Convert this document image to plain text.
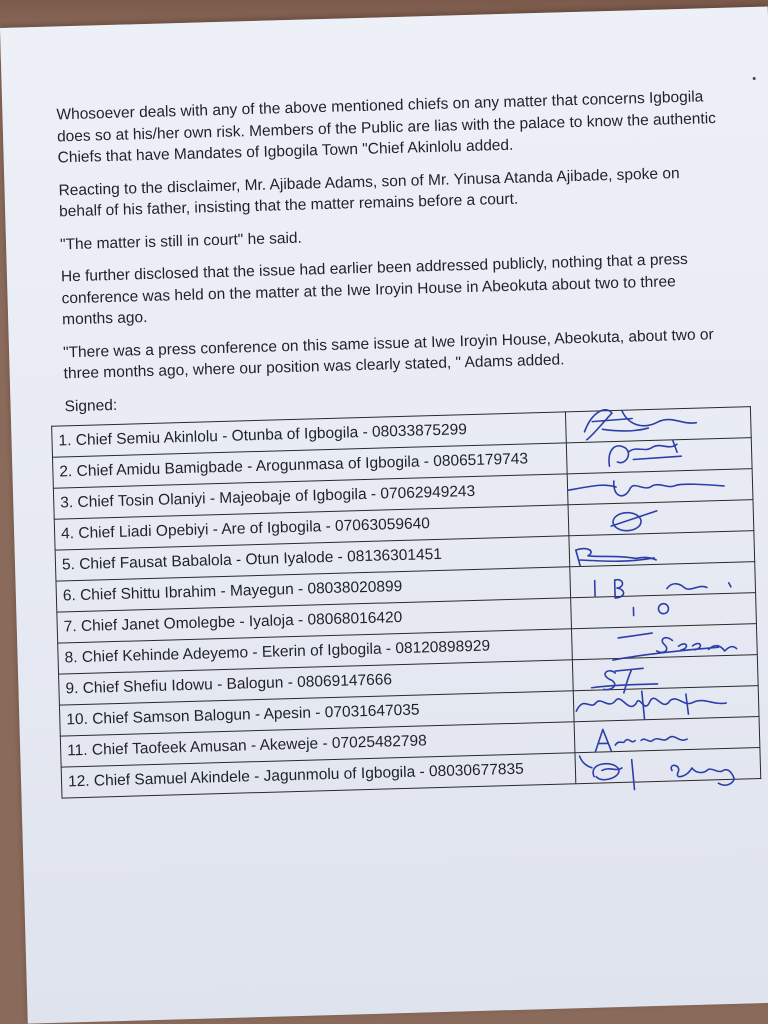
Whosoever deals with any of the above mentioned chiefs on any matter that concerns Igbogila does so at his/her own risk. Members of the Public are lias with the palace to know the authentic Chiefs that have Mandates of Igbogila Town "Chief Akinlolu added.

Reacting to the disclaimer, Mr. Ajibade Adams, son of Mr. Yinusa Atanda Ajibade, spoke on behalf of his father, insisting that the matter remains before a court.

"The matter is still in court" he said.

He further disclosed that the issue had earlier been addressed publicly, nothing that a press conference was held on the matter at the Iwe Iroyin House in Abeokuta about two to three months ago.

"There was a press conference on this same issue at Iwe Iroyin House, Abeokuta, about two or three months ago, where our position was clearly stated, " Adams added.

Signed:
1. Chief Semiu Akinlolu - Otunba of Igbogila - 08033875299	

2. Chief Amidu Bamigbade - Arogunmasa of Igbogila - 08065179743	

3. Chief Tosin Olaniyi - Majeobaje of Igbogila - 07062949243	

4. Chief Liadi Opebiyi - Are of Igbogila - 07063059640	

5. Chief Fausat Babalola - Otun Iyalode - 08136301451	

6. Chief Shittu Ibrahim - Mayegun - 08038020899	

7. Chief Janet Omolegbe - Iyaloja - 08068016420	

8. Chief Kehinde Adeyemo - Ekerin of Igbogila - 08120898929	

9. Chief Shefiu Idowu - Balogun - 08069147666	

10. Chief Samson Balogun - Apesin - 07031647035	

11. Chief Taofeek Amusan - Akeweje - 07025482798	

12. Chief Samuel Akindele - Jagunmolu of Igbogila - 08030677835	
